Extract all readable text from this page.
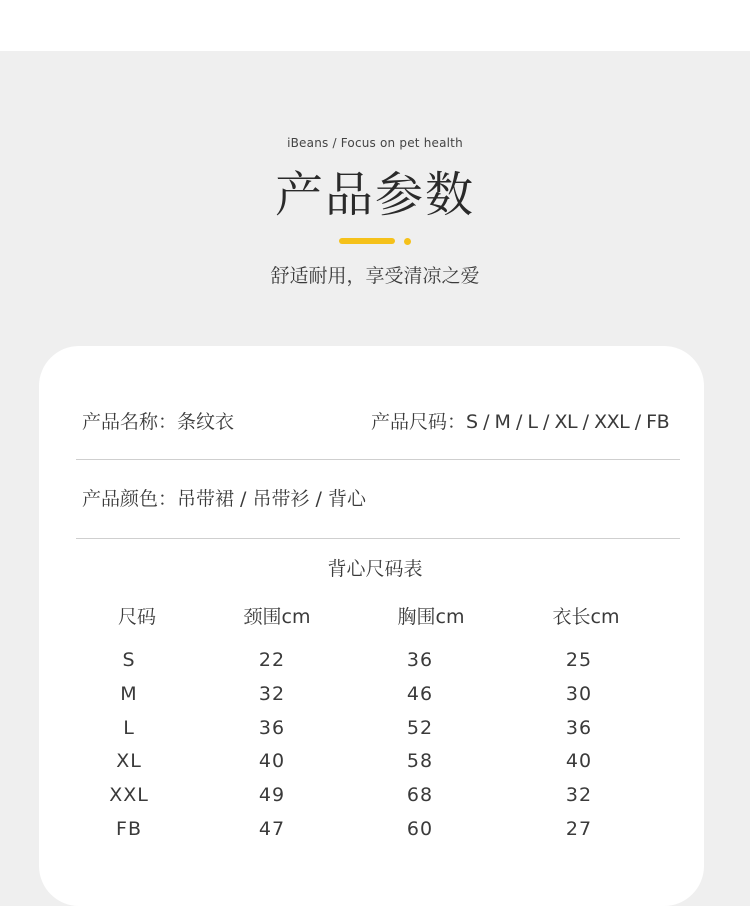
iBeans / Focus on pet health
产品参数
舒适耐用，享受清凉之爱
产品名称：条纹衣	产品尺码：S / M / L / XL / XXL / FB
产品颜色：吊带裙 / 吊带衫 / 背心
背心尺码表
尺码	颈围cm	胸围cm	衣长cm
S	22	36	25
M	32	46	30
L	36	52	36
XL	40	58	40
XXL	49	68	32
FB	47	60	27
